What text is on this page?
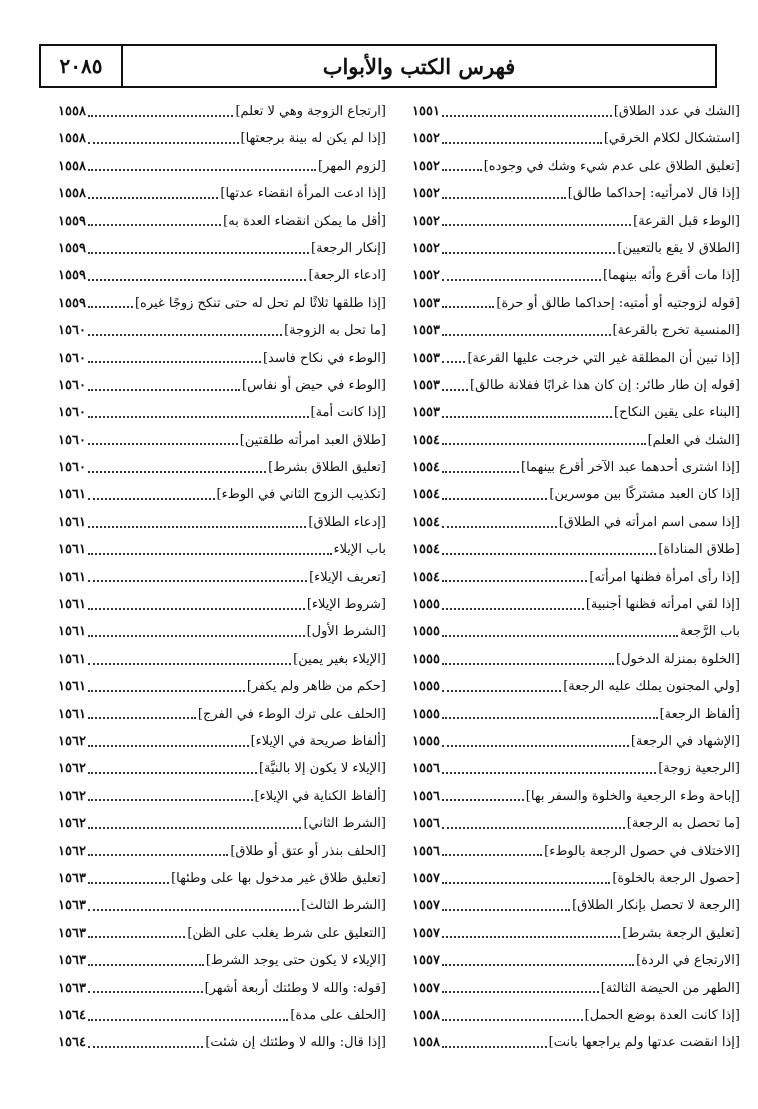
٢٠٨٥	فهرس الكتب والأبواب
[ارتجاع الزوجة وهي لا تعلم]
١٥٥٨
[إذا لم يكن له بينة برجعتها]
١٥٥٨
[لزوم المهر]
١٥٥٨
[إذا ادعت المرأة انقضاء عدتها]
١٥٥٨
[أقل ما يمكن انقضاء العدة به]
١٥٥٩
[إنكار الرجعة]
١٥٥٩
[ادعاء الرجعة]
١٥٥٩
[إذا طلقها ثلاثًا لم تحل له حتى تنكح زوجًا غيره]
١٥٥٩
[ما تحل به الزوجة]
١٥٦٠
[الوطء في نكاح فاسد]
١٥٦٠
[الوطء في حيض أو نفاس]
١٥٦٠
[إذا كانت أمة]
١٥٦٠
[طلاق العبد امرأته طلقتين]
١٥٦٠
[تعليق الطلاق بشرط]
١٥٦٠
[تكذيب الزوج الثاني في الوطء]
١٥٦١
[إدعاء الطلاق]
١٥٦١
باب الإيلاء
١٥٦١
[تعريف الإيلاء]
١٥٦١
[شروط الإيلاء]
١٥٦١
[الشرط الأول]
١٥٦١
[الإيلاء بغير يمين]
١٥٦١
[حكم من ظاهر ولم يكفر]
١٥٦١
[الحلف على ترك الوطء في الفرج]
١٥٦١
[ألفاظ صريحة في الإيلاء]
١٥٦٢
[الإيلاء لا يكون إلا بالنيَّة]
١٥٦٢
[ألفاظ الكناية في الإيلاء]
١٥٦٢
[الشرط الثاني]
١٥٦٢
[الحلف بنذر أو عتق أو طلاق]
١٥٦٢
[تعليق طلاق غير مدخول بها على وطئها]
١٥٦٣
[الشرط الثالث]
١٥٦٣
[التعليق على شرط يغلب على الظن]
١٥٦٣
[الإيلاء لا يكون حتى يوجد الشرط]
١٥٦٣
[قوله: والله لا وطئتك أربعة أشهر]
١٥٦٣
[الحلف على مدة]
١٥٦٤
[إذا قال: والله لا وطئتك إن شئت]
١٥٦٤
[الشك في عدد الطلاق]
١٥٥١
[استشكال لكلام الخرقي]
١٥٥٢
[تعليق الطلاق على عدم شيء وشك في وجوده]
١٥٥٢
[إذا قال لامرأتيه: إحداكما طالق]
١٥٥٢
[الوطء قبل القرعة]
١٥٥٢
[الطلاق لا يقع بالتعيين]
١٥٥٢
[إذا مات أقرع وأثه بينهما]
١٥٥٢
[قوله لزوجتيه أو أمتيه: إحداكما طالق أو حرة]
١٥٥٣
[المنسية تخرج بالقرعة]
١٥٥٣
[إذا تبين أن المطلقة غير التي خرجت عليها القرعة]
١٥٥٣
[قوله إن طار طائر: إن كان هذا غرابًا ففلانة طالق]
١٥٥٣
[البناء على يقين النكاح]
١٥٥٣
[الشك في العلم]
١٥٥٤
[إذا اشترى أحدهما عبد الآخر أقرع بينهما]
١٥٥٤
[إذا كان العبد مشتركًا بين موسرين]
١٥٥٤
[إذا سمى اسم امرأته في الطلاق]
١٥٥٤
[طلاق المناداة]
١٥٥٤
[إذا رأى امرأة فظنها امرأته]
١٥٥٤
[إذا لقي امرأته فظنها أجنبية]
١٥٥٥
باب الرَّجعة
١٥٥٥
[الخلوة بمنزلة الدخول]
١٥٥٥
[ولي المجنون يملك عليه الرجعة]
١٥٥٥
[ألفاظ الرجعة]
١٥٥٥
[الإشهاد في الرجعة]
١٥٥٥
[الرجعية زوجة]
١٥٥٦
[إباحة وطء الرجعية والخلوة والسفر بها]
١٥٥٦
[ما تحصل به الرجعة]
١٥٥٦
[الاختلاف في حصول الرجعة بالوطء]
١٥٥٦
[حصول الرجعة بالخلوة]
١٥٥٧
[الرجعة لا تحصل بإنكار الطلاق]
١٥٥٧
[تعليق الرجعة بشرط]
١٥٥٧
[الارتجاع في الردة]
١٥٥٧
[الطهر من الحيضة الثالثة]
١٥٥٧
[إذا كانت العدة بوضع الحمل]
١٥٥٨
[إذا انقضت عدتها ولم يراجعها بانت]
١٥٥٨
